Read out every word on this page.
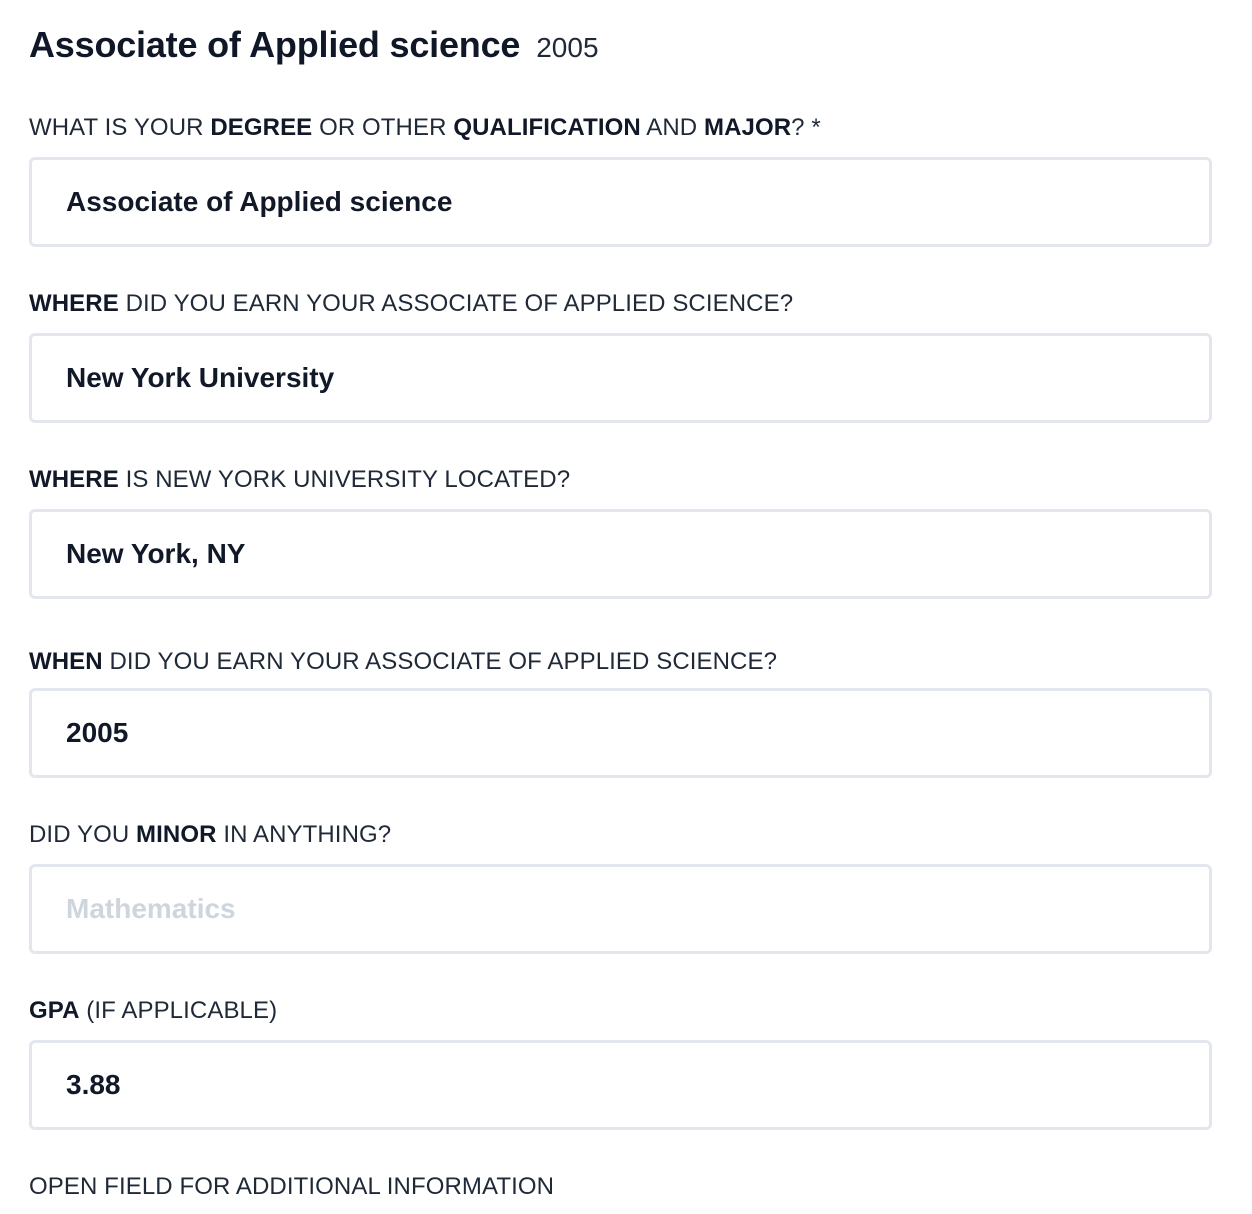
Associate of Applied science 2005
WHAT IS YOUR DEGREE OR OTHER QUALIFICATION AND MAJOR? *
Associate of Applied science
WHERE DID YOU EARN YOUR ASSOCIATE OF APPLIED SCIENCE?
New York University
WHERE IS NEW YORK UNIVERSITY LOCATED?
New York, NY
WHEN DID YOU EARN YOUR ASSOCIATE OF APPLIED SCIENCE?
2005
DID YOU MINOR IN ANYTHING?
Mathematics
GPA (IF APPLICABLE)
3.88
OPEN FIELD FOR ADDITIONAL INFORMATION
